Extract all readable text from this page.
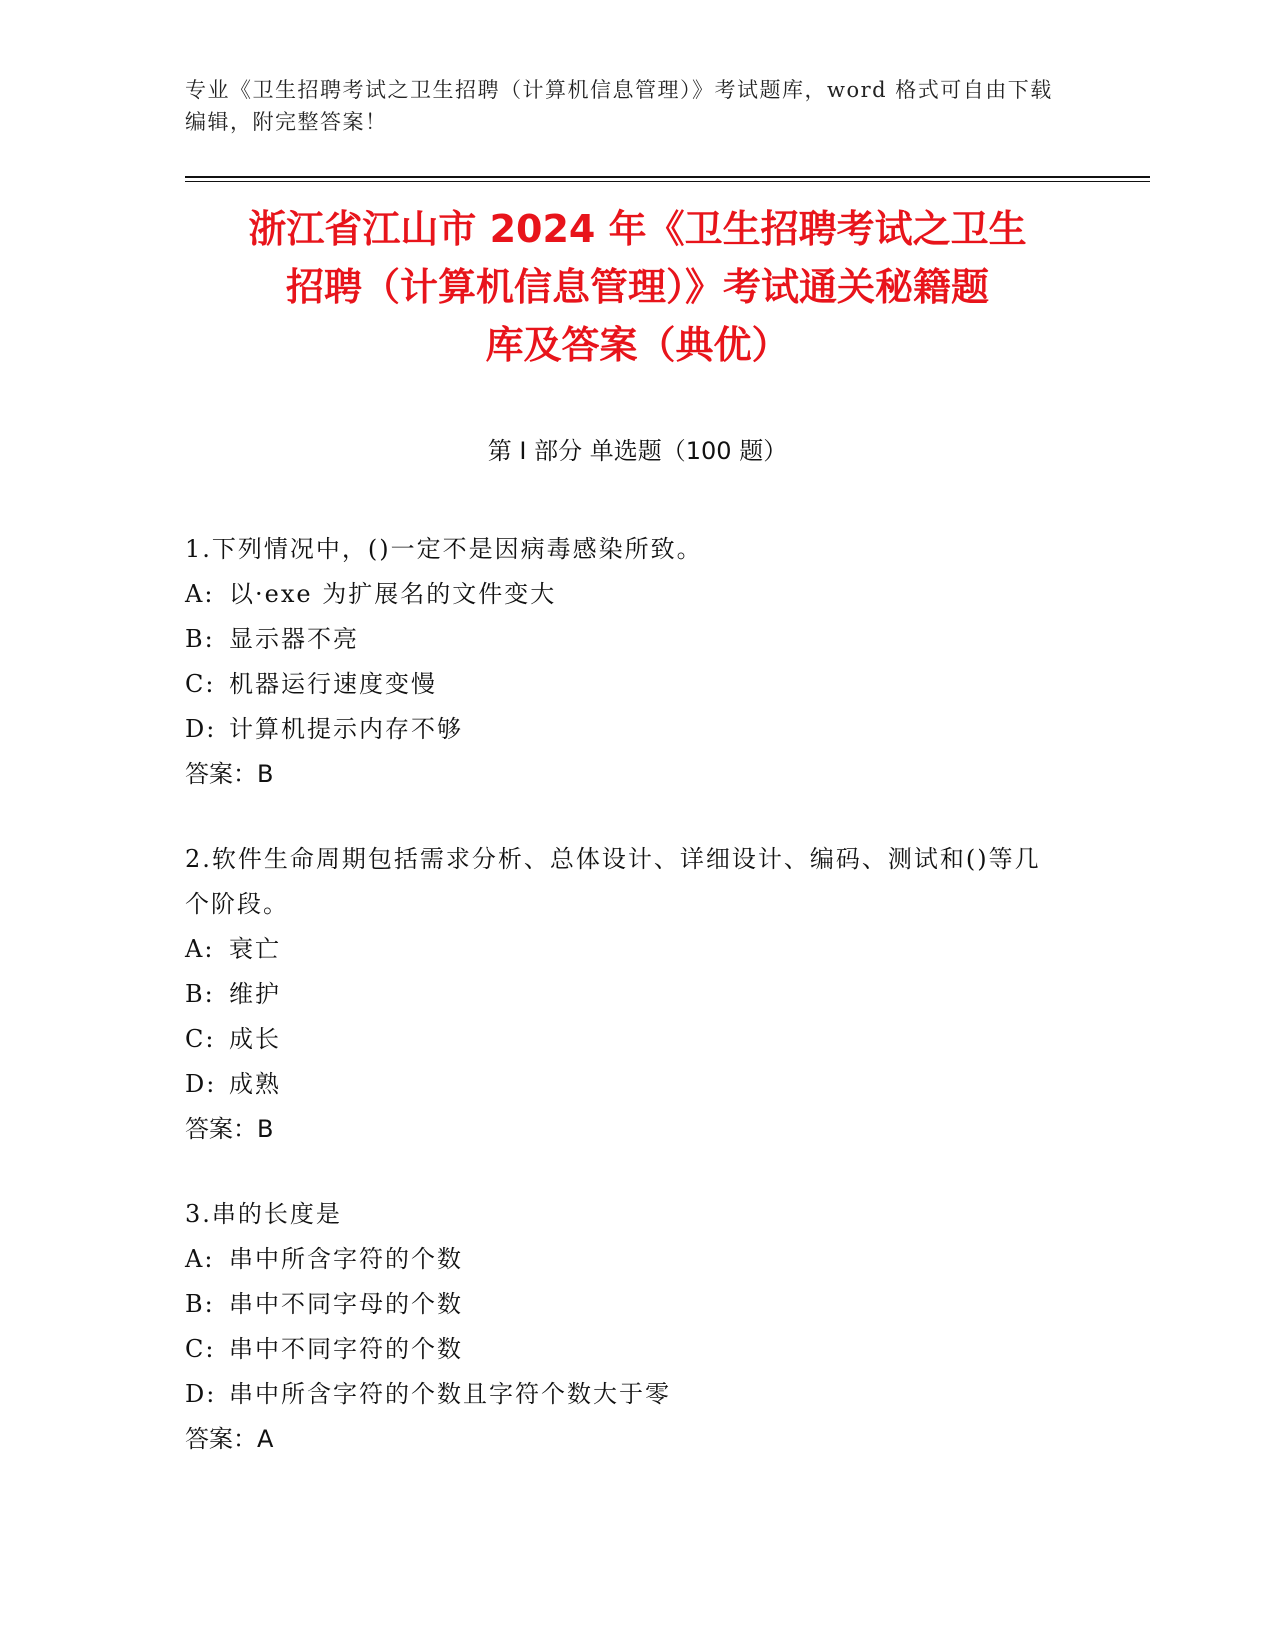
专业《卫生招聘考试之卫生招聘（计算机信息管理）》考试题库，word 格式可自由下载编辑，附完整答案！
浙江省江山市 2024 年《卫生招聘考试之卫生
招聘（计算机信息管理）》考试通关秘籍题
库及答案（典优）
第 I 部分 单选题（100 题）
1.下列情况中，()一定不是因病毒感染所致。
A: 以·exe 为扩展名的文件变大
B: 显示器不亮
C: 机器运行速度变慢
D: 计算机提示内存不够
答案：B
2.软件生命周期包括需求分析、总体设计、详细设计、编码、测试和()等几个阶段。
A: 衰亡
B: 维护
C: 成长
D: 成熟
答案：B
3.串的长度是
A: 串中所含字符的个数
B: 串中不同字母的个数
C: 串中不同字符的个数
D: 串中所含字符的个数且字符个数大于零
答案：A
